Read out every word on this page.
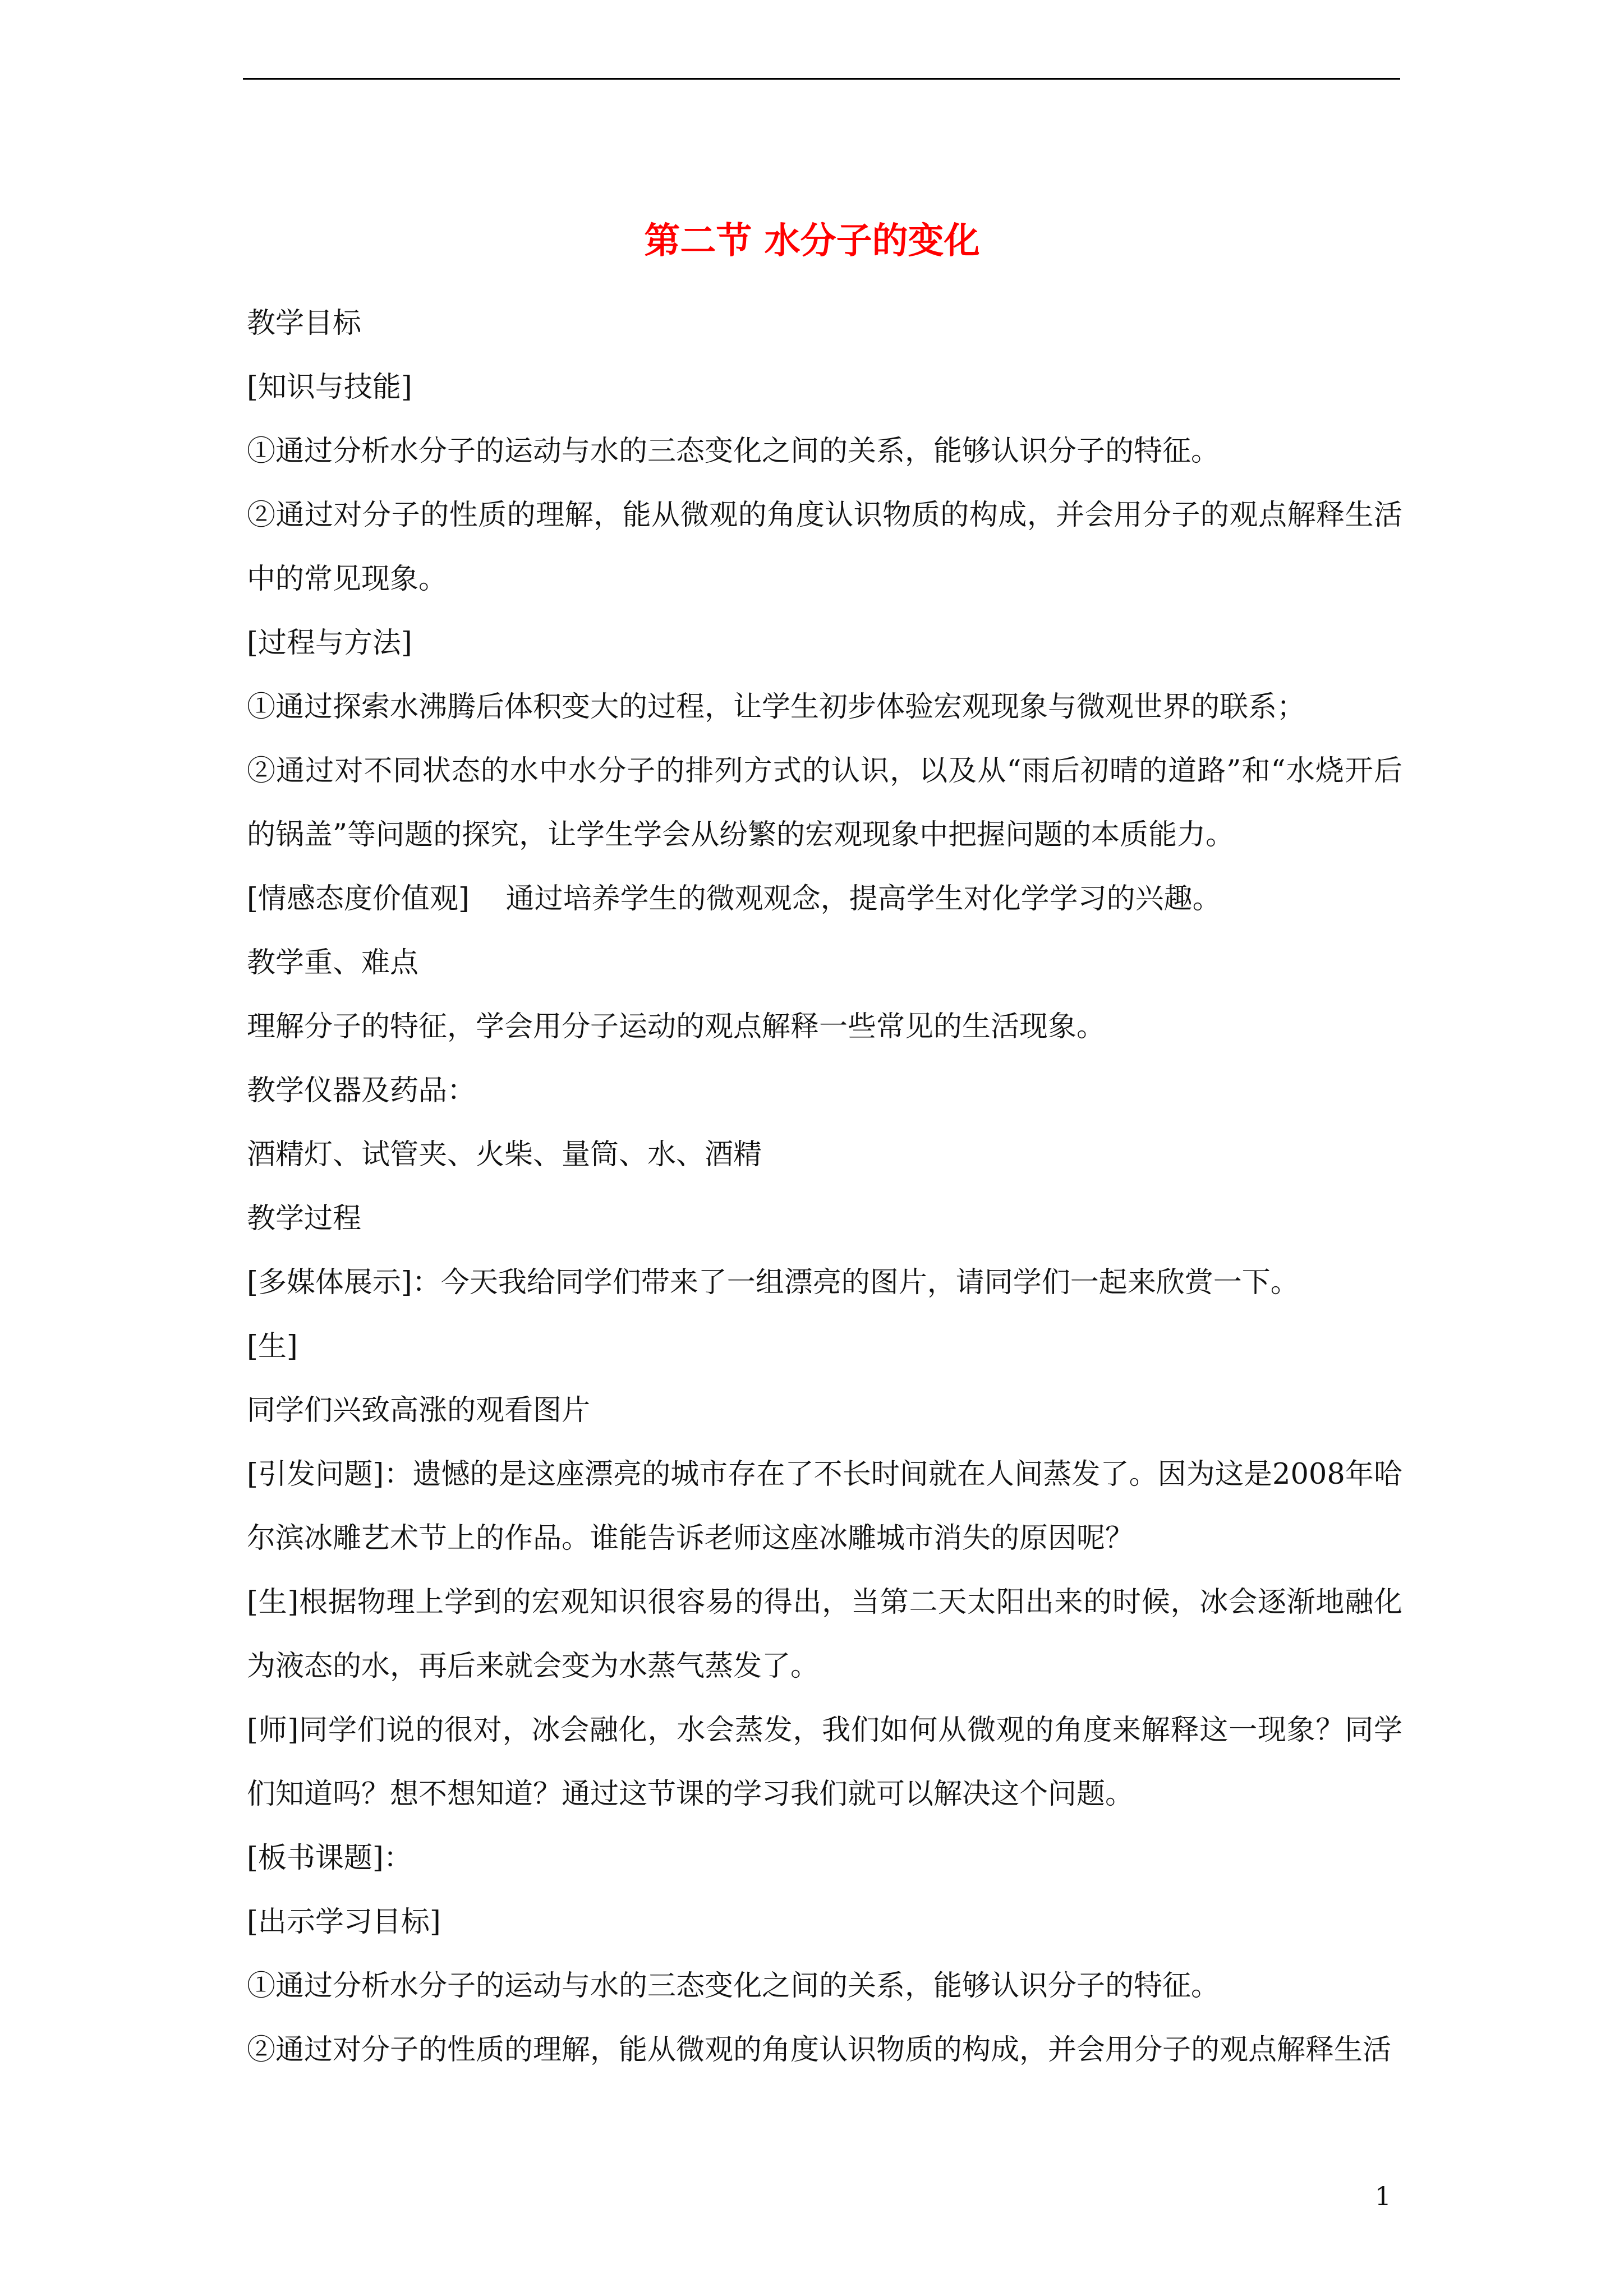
第二节 水分子的变化

教学目标

[知识与技能]

①通过分析水分子的运动与水的三态变化之间的关系，能够认识分子的特征。

②通过对分子的性质的理解，能从微观的角度认识物质的构成，并会用分子的观点解释生活中的常见现象。

[过程与方法]

①通过探索水沸腾后体积变大的过程，让学生初步体验宏观现象与微观世界的联系；

②通过对不同状态的水中水分子的排列方式的认识，以及从“雨后初晴的道路”和“水烧开后的锅盖”等问题的探究，让学生学会从纷繁的宏观现象中把握问题的本质能力。

[情感态度价值观]    通过培养学生的微观观念，提高学生对化学学习的兴趣。

教学重、难点

理解分子的特征，学会用分子运动的观点解释一些常见的生活现象。

教学仪器及药品：

酒精灯、试管夹、火柴、量筒、水、酒精

教学过程

[多媒体展示]：今天我给同学们带来了一组漂亮的图片，请同学们一起来欣赏一下。

[生]

同学们兴致高涨的观看图片

[引发问题]：遗憾的是这座漂亮的城市存在了不长时间就在人间蒸发了。因为这是2008年哈尔滨冰雕艺术节上的作品。谁能告诉老师这座冰雕城市消失的原因呢？

[生]根据物理上学到的宏观知识很容易的得出，当第二天太阳出来的时候，冰会逐渐地融化为液态的水，再后来就会变为水蒸气蒸发了。

[师]同学们说的很对，冰会融化，水会蒸发，我们如何从微观的角度来解释这一现象？同学们知道吗？想不想知道？通过这节课的学习我们就可以解决这个问题。

[板书课题]：

[出示学习目标]

①通过分析水分子的运动与水的三态变化之间的关系，能够认识分子的特征。

②通过对分子的性质的理解，能从微观的角度认识物质的构成，并会用分子的观点解释生活

1
